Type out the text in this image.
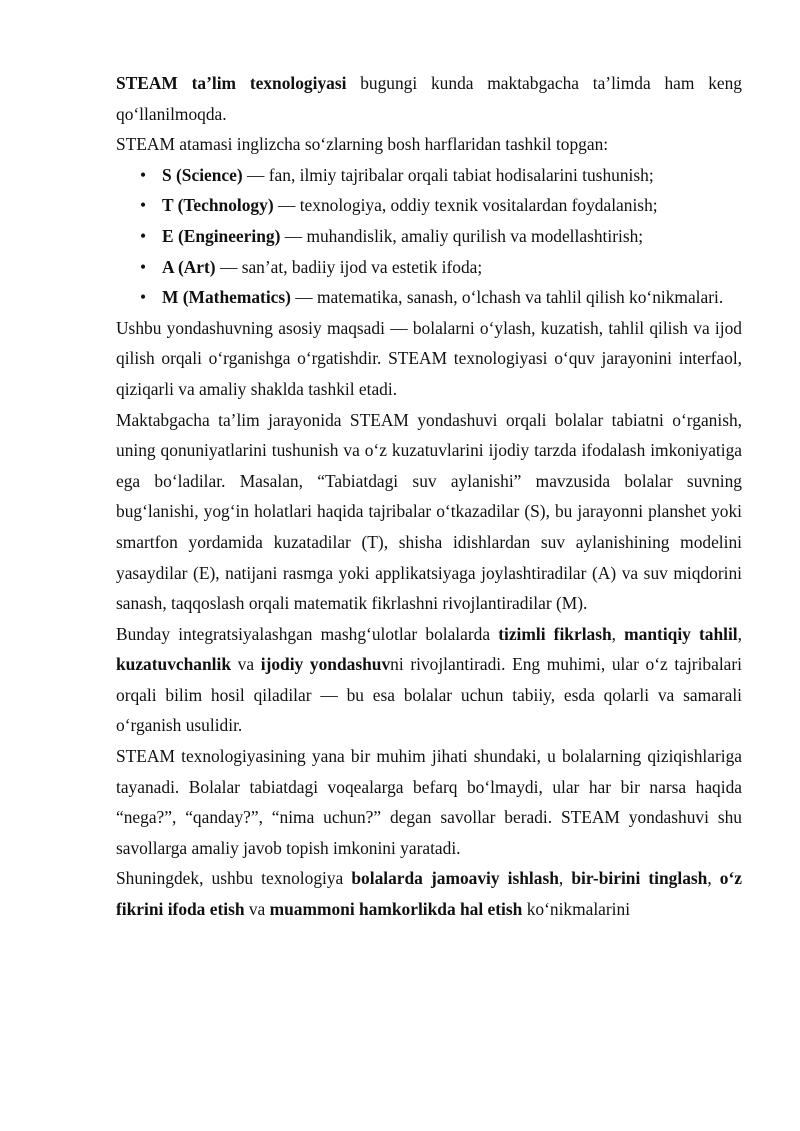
STEAM ta’lim texnologiyasi bugungi kunda maktabgacha ta’limda ham keng qo‘llanilmoqda.

STEAM atamasi inglizcha so‘zlarning bosh harflaridan tashkil topgan:

• S (Science) — fan, ilmiy tajribalar orqali tabiat hodisalarini tushunish;
• T (Technology) — texnologiya, oddiy texnik vositalardan foydalanish;
• E (Engineering) — muhandislik, amaliy qurilish va modellashtirish;
• A (Art) — san’at, badiiy ijod va estetik ifoda;
• M (Mathematics) — matematika, sanash, o‘lchash va tahlil qilish ko‘nikmalari.

Ushbu yondashuvning asosiy maqsadi — bolalarni o‘ylash, kuzatish, tahlil qilish va ijod qilish orqali o‘rganishga o‘rgatishdir. STEAM texnologiyasi o‘quv jarayonini interfaol, qiziqarli va amaliy shaklda tashkil etadi.

Maktabgacha ta’lim jarayonida STEAM yondashuvi orqali bolalar tabiatni o‘rganish, uning qonuniyatlarini tushunish va o‘z kuzatuvlarini ijodiy tarzda ifodalash imkoniyatiga ega bo‘ladilar. Masalan, “Tabiatdagi suv aylanishi” mavzusida bolalar suvning bug‘lanishi, yog‘in holatlari haqida tajribalar o‘tkazadilar (S), bu jarayonni planshet yoki smartfon yordamida kuzatadilar (T), shisha idishlardan suv aylanishining modelini yasaydilar (E), natijani rasmga yoki applikatsiyaga joylashtiradilar (A) va suv miqdorini sanash, taqqoslash orqali matematik fikrlashni rivojlantiradilar (M).

Bunday integratsiyalashgan mashg‘ulotlar bolalarda tizimli fikrlash, mantiqiy tahlil, kuzatuvchanlik va ijodiy yondashuvni rivojlantiradi. Eng muhimi, ular o‘z tajribalari orqali bilim hosil qiladilar — bu esa bolalar uchun tabiiy, esda qolarli va samarali o‘rganish usulidir.

STEAM texnologiyasining yana bir muhim jihati shundaki, u bolalarning qiziqishlariga tayanadi. Bolalar tabiatdagi voqealarga befarq bo‘lmaydi, ular har bir narsa haqida “nega?”, “qanday?”, “nima uchun?” degan savollar beradi. STEAM yondashuvi shu savollarga amaliy javob topish imkonini yaratadi.

Shuningdek, ushbu texnologiya bolalarda jamoaviy ishlash, bir-birini tinglash, o‘z fikrini ifoda etish va muammoni hamkorlikda hal etish ko‘nikmalarini
